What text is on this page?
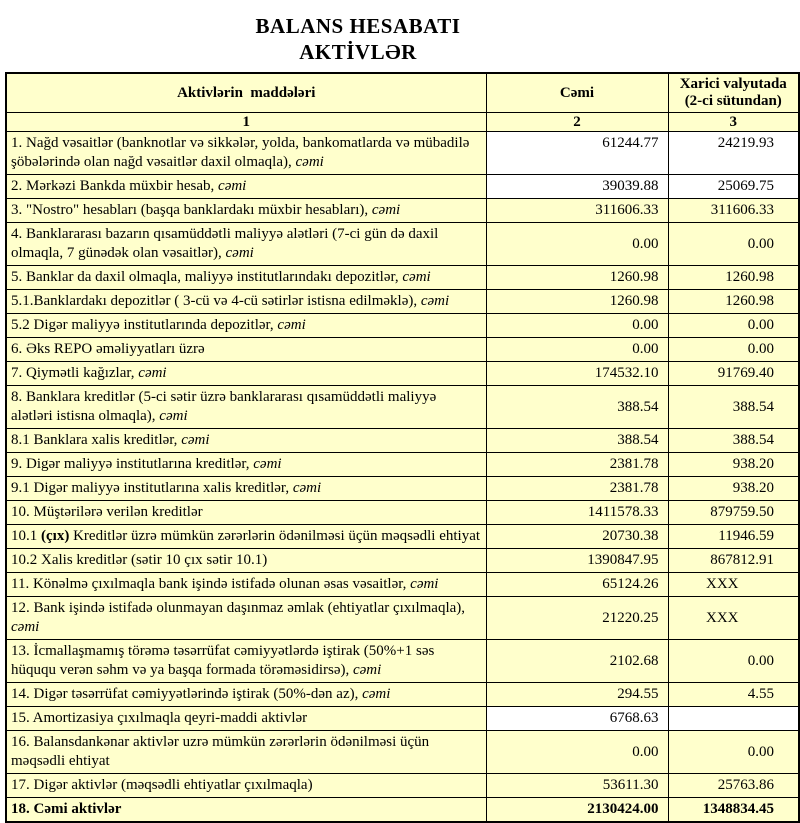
BALANS HESABATI
AKTİVLƏR
Aktivlərin  maddələri	Cəmi	Xarici valyutada (2-ci sütundan)
1	2	3
1. Nağd vəsaitlər (banknotlar və sikkələr, yolda, bankomatlarda və mübadilə şöbələrində olan nağd vəsaitlər daxil olmaqla), cəmi	61244.77	24219.93
2. Mərkəzi Bankda müxbir hesab, cəmi	39039.88	25069.75
3. "Nostro" hesabları (başqa banklardakı müxbir hesabları), cəmi	311606.33	311606.33
4. Banklararası bazarın qısamüddətli maliyyə alətləri (7-ci gün də daxil olmaqla, 7 günədək olan vəsaitlər), cəmi	0.00	0.00
5. Banklar da daxil olmaqla, maliyyə institutlarındakı depozitlər, cəmi	1260.98	1260.98
5.1.Banklardakı depozitlər ( 3-cü və 4-cü sətirlər istisna edilməklə), cəmi	1260.98	1260.98
5.2 Digər maliyyə institutlarında depozitlər, cəmi	0.00	0.00
6. Əks REPO əməliyyatları üzrə	0.00	0.00
7. Qiymətli kağızlar, cəmi	174532.10	91769.40
8. Banklara kreditlər (5-ci sətir üzrə banklararası qısamüddətli maliyyə alətləri istisna olmaqla), cəmi	388.54	388.54
8.1 Banklara xalis kreditlər, cəmi	388.54	388.54
9. Digər maliyyə institutlarına kreditlər, cəmi	2381.78	938.20
9.1 Digər maliyyə institutlarına xalis kreditlər, cəmi	2381.78	938.20
10. Müştərilərə verilən kreditlər	1411578.33	879759.50
10.1 (çıx) Kreditlər üzrə mümkün zərərlərin ödənilməsi üçün məqsədli ehtiyat	20730.38	11946.59
10.2 Xalis kreditlər (sətir 10 çıx sətir 10.1)	1390847.95	867812.91
11. Könəlmə çıxılmaqla bank işində istifadə olunan əsas vəsaitlər, cəmi	65124.26	XXX
12. Bank işində istifadə olunmayan daşınmaz əmlak (ehtiyatlar çıxılmaqla), cəmi	21220.25	XXX
13. İcmallaşmamış törəmə təsərrüfat cəmiyyətlərdə iştirak (50%+1 səs hüququ verən səhm və ya başqa formada törəməsidirsə), cəmi	2102.68	0.00
14. Digər təsərrüfat cəmiyyətlərində iştirak (50%-dən az), cəmi	294.55	4.55
15. Amortizasiya çıxılmaqla qeyri-maddi aktivlər	6768.63	
16. Balansdankənar aktivlər uzrə mümkün zərərlərin ödənilməsi üçün məqsədli ehtiyat	0.00	0.00
17. Digər aktivlər (məqsədli ehtiyatlar çıxılmaqla)	53611.30	25763.86
18. Cəmi aktivlər	2130424.00	1348834.45
